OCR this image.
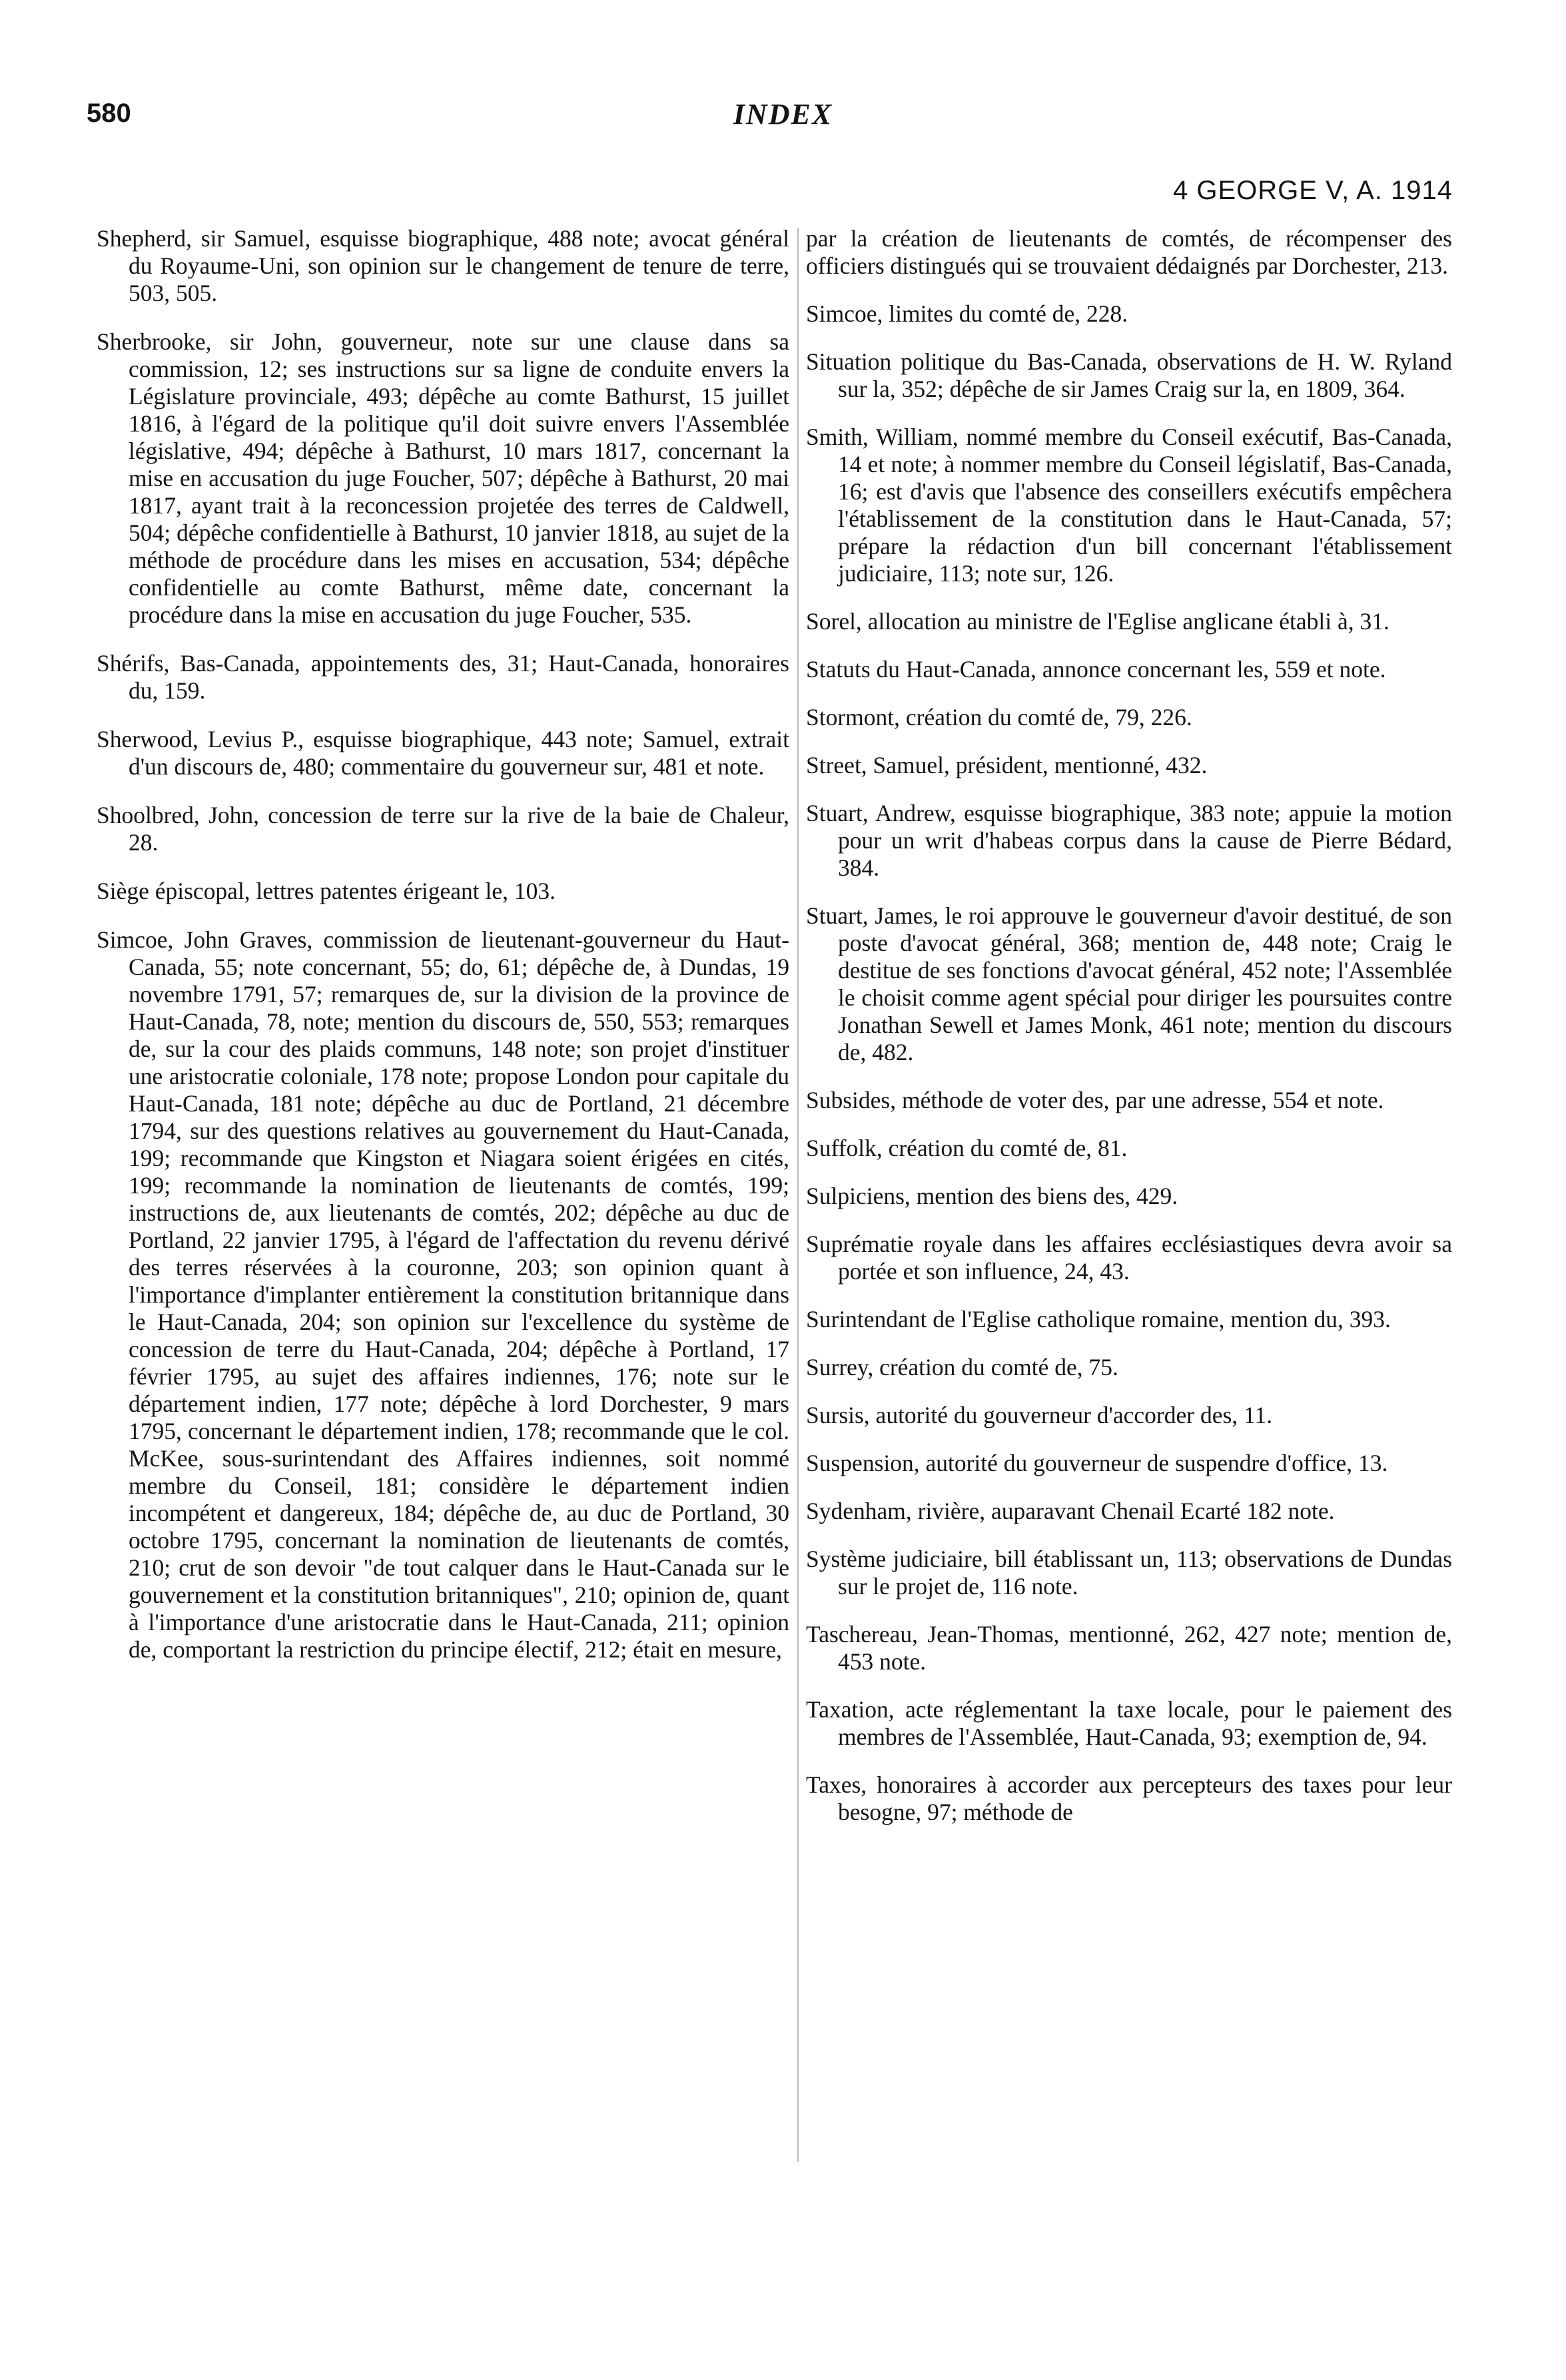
580	INDEX
4 GEORGE V, A. 1914

Shepherd, sir Samuel, esquisse biographique, 488 note; avocat général du Royaume-Uni, son opinion sur le changement de tenure de terre, 503, 505.

Sherbrooke, sir John, gouverneur, note sur une clause dans sa commission, 12; ses instructions sur sa ligne de conduite envers la Législature provinciale, 493; dépêche au comte Bathurst, 15 juillet 1816, à l'égard de la politique qu'il doit suivre envers l'Assemblée législative, 494; dépêche à Bathurst, 10 mars 1817, concernant la mise en accusation du juge Foucher, 507; dépêche à Bathurst, 20 mai 1817, ayant trait à la reconcession projetée des terres de Caldwell, 504; dépêche confidentielle à Bathurst, 10 janvier 1818, au sujet de la méthode de procédure dans les mises en accusation, 534; dépêche confidentielle au comte Bathurst, même date, concernant la procédure dans la mise en accusation du juge Foucher, 535.

Shérifs, Bas-Canada, appointements des, 31; Haut-Canada, honoraires du, 159.

Sherwood, Levius P., esquisse biographique, 443 note; Samuel, extrait d'un discours de, 480; commentaire du gouverneur sur, 481 et note.

Shoolbred, John, concession de terre sur la rive de la baie de Chaleur, 28.

Siège épiscopal, lettres patentes érigeant le, 103.

Simcoe, John Graves, commission de lieutenant-gouverneur du Haut-Canada, 55; note concernant, 55; do, 61; dépêche de, à Dundas, 19 novembre 1791, 57; remarques de, sur la division de la province de Haut-Canada, 78, note; mention du discours de, 550, 553; remarques de, sur la cour des plaids communs, 148 note; son projet d'instituer une aristocratie coloniale, 178 note; propose London pour capitale du Haut-Canada, 181 note; dépêche au duc de Portland, 21 décembre 1794, sur des questions relatives au gouvernement du Haut-Canada, 199; recommande que Kingston et Niagara soient érigées en cités, 199; recommande la nomination de lieutenants de comtés, 199; instructions de, aux lieutenants de comtés, 202; dépêche au duc de Portland, 22 janvier 1795, à l'égard de l'affectation du revenu dérivé des terres réservées à la couronne, 203; son opinion quant à l'importance d'implanter entièrement la constitution britannique dans le Haut-Canada, 204; son opinion sur l'excellence du système de concession de terre du Haut-Canada, 204; dépêche à Portland, 17 février 1795, au sujet des affaires indiennes, 176; note sur le département indien, 177 note; dépêche à lord Dorchester, 9 mars 1795, concernant le département indien, 178; recommande que le col. McKee, sous-surintendant des Affaires indiennes, soit nommé membre du Conseil, 181; considère le département indien incompétent et dangereux, 184; dépêche de, au duc de Portland, 30 octobre 1795, concernant la nomination de lieutenants de comtés, 210; crut de son devoir "de tout calquer dans le Haut-Canada sur le gouvernement et la constitution britanniques", 210; opinion de, quant à l'importance d'une aristocratie dans le Haut-Canada, 211; opinion de, comportant la restriction du principe électif, 212; était en mesure,

par la création de lieutenants de comtés, de récompenser des officiers distingués qui se trouvaient dédaignés par Dorchester, 213.

Simcoe, limites du comté de, 228.

Situation politique du Bas-Canada, observations de H. W. Ryland sur la, 352; dépêche de sir James Craig sur la, en 1809, 364.

Smith, William, nommé membre du Conseil exécutif, Bas-Canada, 14 et note; à nommer membre du Conseil législatif, Bas-Canada, 16; est d'avis que l'absence des conseillers exécutifs empêchera l'établissement de la constitution dans le Haut-Canada, 57; prépare la rédaction d'un bill concernant l'établissement judiciaire, 113; note sur, 126.

Sorel, allocation au ministre de l'Eglise anglicane établi à, 31.

Statuts du Haut-Canada, annonce concernant les, 559 et note.

Stormont, création du comté de, 79, 226.

Street, Samuel, président, mentionné, 432.

Stuart, Andrew, esquisse biographique, 383 note; appuie la motion pour un writ d'habeas corpus dans la cause de Pierre Bédard, 384.

Stuart, James, le roi approuve le gouverneur d'avoir destitué, de son poste d'avocat général, 368; mention de, 448 note; Craig le destitue de ses fonctions d'avocat général, 452 note; l'Assemblée le choisit comme agent spécial pour diriger les poursuites contre Jonathan Sewell et James Monk, 461 note; mention du discours de, 482.

Subsides, méthode de voter des, par une adresse, 554 et note.

Suffolk, création du comté de, 81.

Sulpiciens, mention des biens des, 429.

Suprématie royale dans les affaires ecclésiastiques devra avoir sa portée et son influence, 24, 43.

Surintendant de l'Eglise catholique romaine, mention du, 393.

Surrey, création du comté de, 75.

Sursis, autorité du gouverneur d'accorder des, 11.

Suspension, autorité du gouverneur de suspendre d'office, 13.

Sydenham, rivière, auparavant Chenail Ecarté 182 note.

Système judiciaire, bill établissant un, 113; observations de Dundas sur le projet de, 116 note.

Taschereau, Jean-Thomas, mentionné, 262, 427 note; mention de, 453 note.

Taxation, acte réglementant la taxe locale, pour le paiement des membres de l'Assemblée, Haut-Canada, 93; exemption de, 94.

Taxes, honoraires à accorder aux percepteurs des taxes pour leur besogne, 97; méthode de
